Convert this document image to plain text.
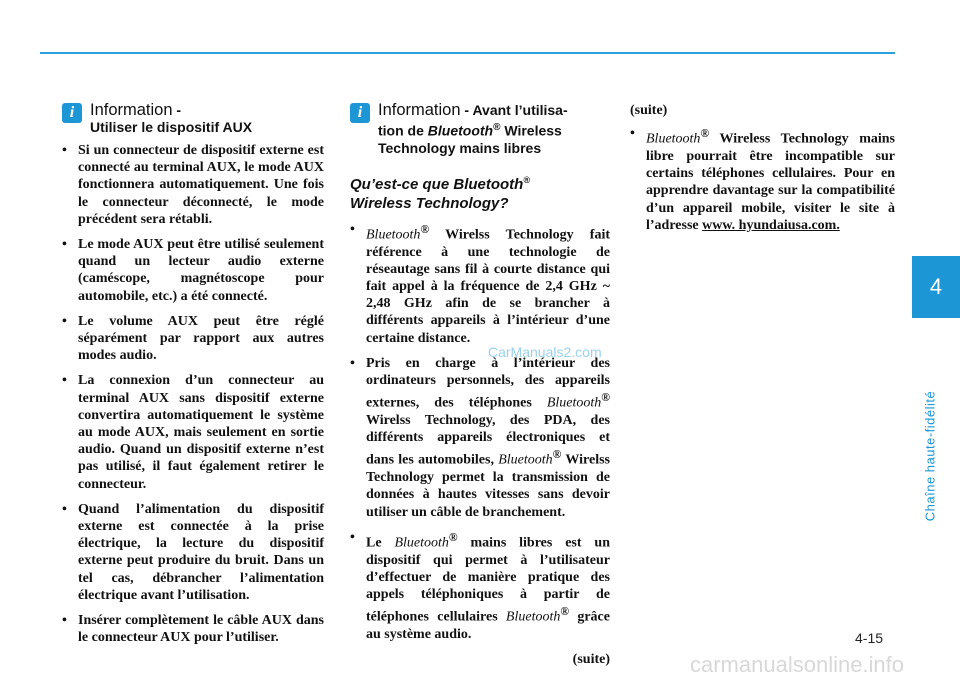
i Information -
Utiliser le dispositif AUX
• Si un connecteur de dispositif externe est connecté au terminal AUX, le mode AUX fonctionnera automatiquement. Une fois le connecteur déconnecté, le mode précédent sera rétabli.
• Le mode AUX peut être utilisé seulement quand un lecteur audio externe (caméscope, magnétoscope pour automobile, etc.) a été connecté.
• Le volume AUX peut être réglé séparément par rapport aux autres modes audio.
• La connexion d’un connecteur au terminal AUX sans dispositif externe convertira automatiquement le système au mode AUX, mais seulement en sortie audio. Quand un dispositif externe n’est pas utilisé, il faut également retirer le connecteur.
• Quand l’alimentation du dispositif externe est connectée à la prise électrique, la lecture du dispositif externe peut produire du bruit. Dans un tel cas, débrancher l’alimentation électrique avant l’utilisation.
• Insérer complètement le câble AUX dans le connecteur AUX pour l’utiliser.
i Information - Avant l’utilisa-
tion de Bluetooth® Wireless
Technology mains libres
Qu’est-ce que Bluetooth®
Wireless Technology?
• Bluetooth® Wirelss Technology fait référence à une technologie de réseautage sans fil à courte distance qui fait appel à la fréquence de 2,4 GHz ~ 2,48 GHz afin de se brancher à différents appareils à l’intérieur d’une certaine distance.
• Pris en charge à l’intérieur des ordinateurs personnels, des appareils externes, des téléphones Bluetooth® Wirelss Technology, des PDA, des différents appareils électroniques et dans les automobiles, Bluetooth® Wirelss Technology permet la transmission de données à hautes vitesses sans devoir utiliser un câble de branchement.
• Le Bluetooth® mains libres est un dispositif qui permet à l’utilisateur d’effectuer de manière pratique des appels téléphoniques à partir de téléphones cellulaires Bluetooth® grâce au système audio.
(suite)
(suite)
• Bluetooth® Wireless Technology mains libre pourrait être incompatible sur certains téléphones cellulaires. Pour en apprendre davantage sur la compatibilité d’un appareil mobile, visiter le site à l’adresse www. hyundaiusa.com.
CarManuals2.com
4
Chaîne haute-fidélité
4-15
carmanualsonline.info
